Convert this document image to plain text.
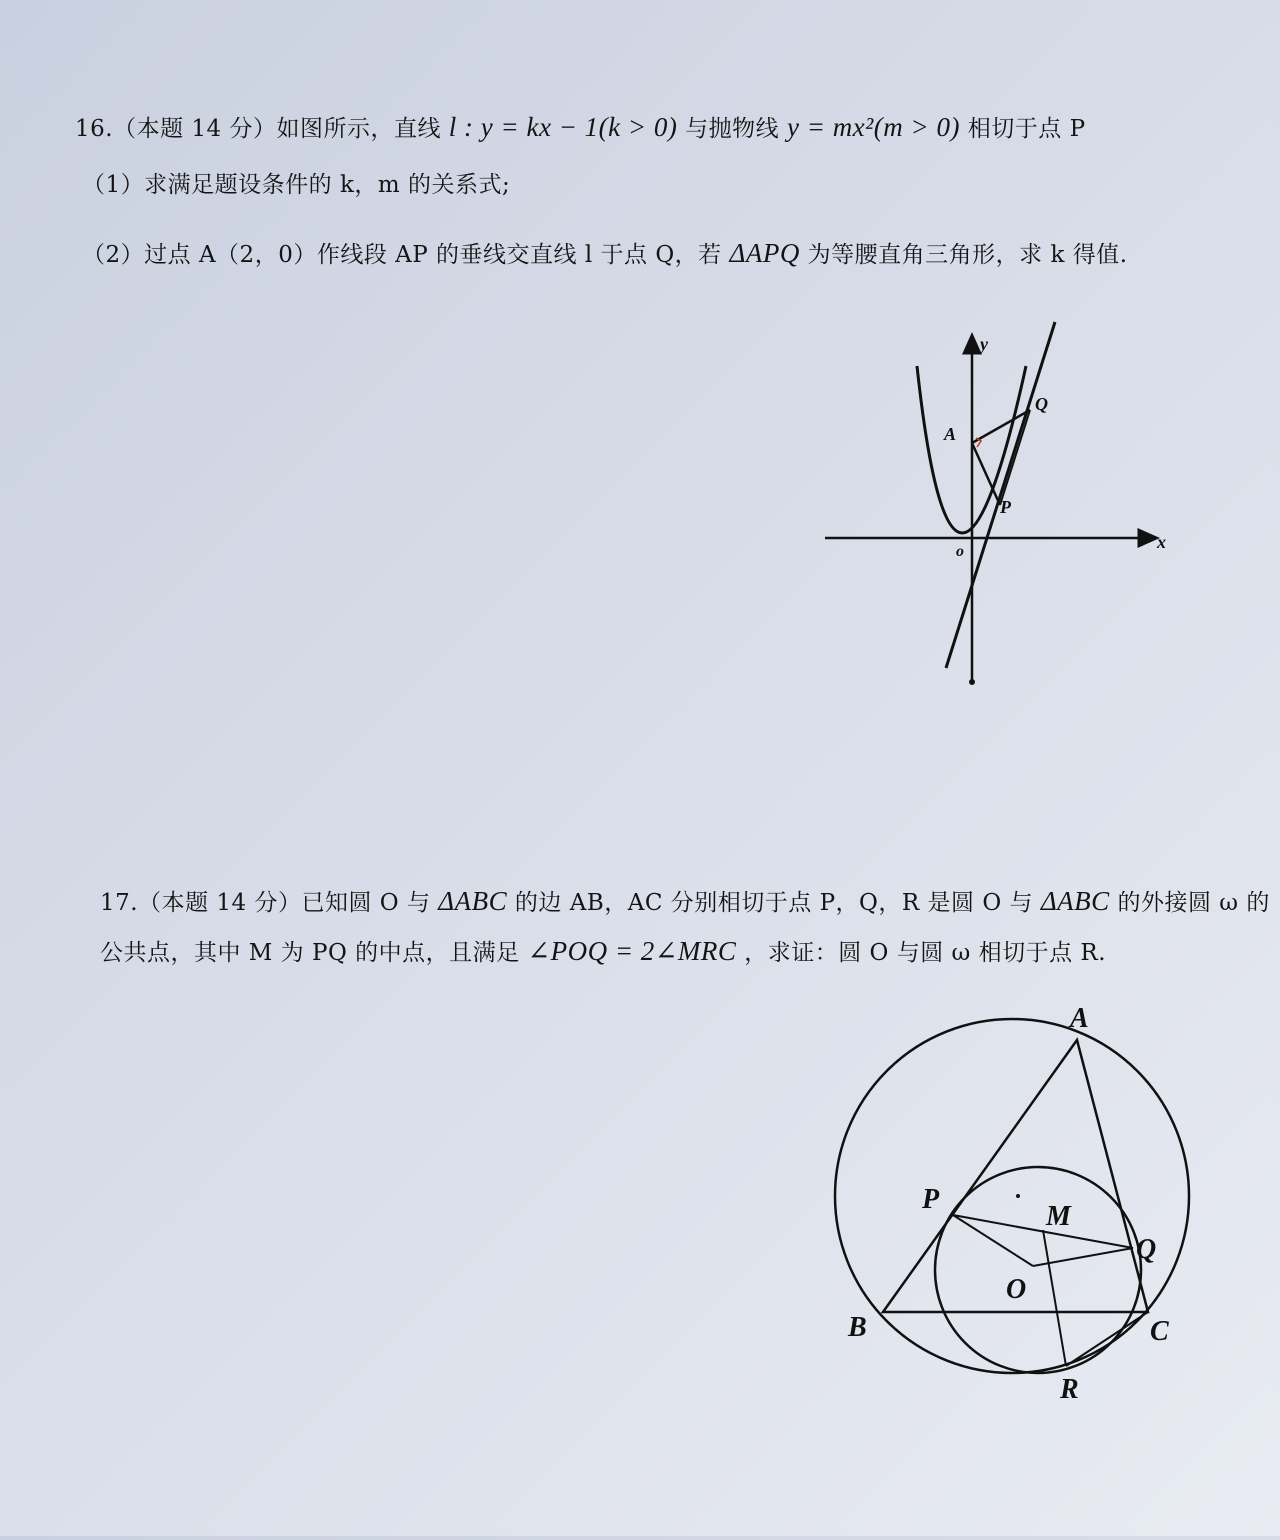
16.（本题 14 分）如图所示，直线 l : y = kx − 1(k > 0) 与抛物线 y = mx²(m > 0) 相切于点 P
（1）求满足题设条件的 k，m 的关系式;
（2）过点 A（2，0）作线段 AP 的垂线交直线 l 于点 Q，若 ΔAPQ 为等腰直角三角形，求 k 得值.
y
x
o
A
P
Q
17.（本题 14 分）已知圆 O 与 ΔABC 的边 AB，AC 分别相切于点 P，Q，R 是圆 O 与 ΔABC 的外接圆 ω 的
公共点，其中 M 为 PQ 的中点，且满足 ∠POQ = 2∠MRC ，求证：圆 O 与圆 ω 相切于点 R.
A
B	C
P
Q
M
O
R
